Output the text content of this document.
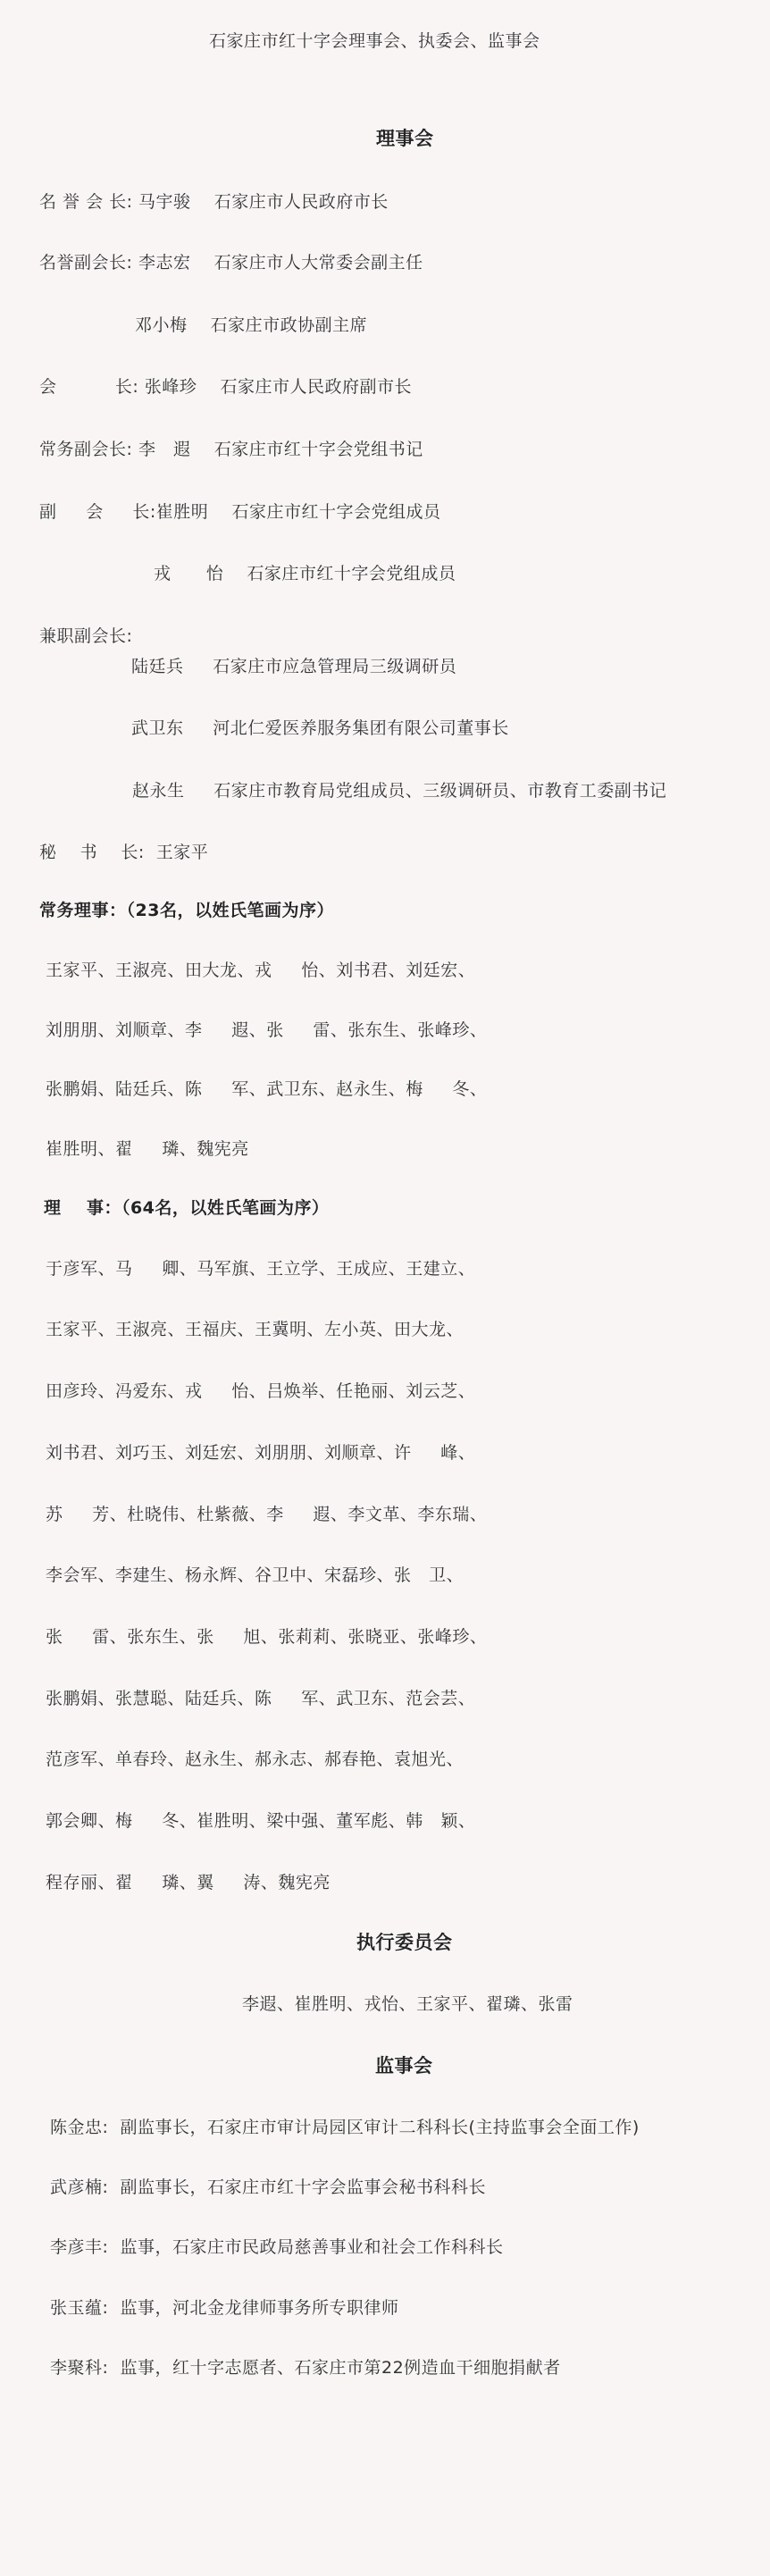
石家庄市红十字会理事会、执委会、监事会
理事会
名 誉 会 长: 马宇骏    石家庄市人民政府市长
名誉副会长: 李志宏    石家庄市人大常委会副主任
邓小梅    石家庄市政协副主席
会          长: 张峰珍    石家庄市人民政府副市长
常务副会长: 李   遐    石家庄市红十字会党组书记
副     会     长:崔胜明    石家庄市红十字会党组成员
戎      怡    石家庄市红十字会党组成员
兼职副会长:
陆廷兵     石家庄市应急管理局三级调研员
武卫东     河北仁爱医养服务集团有限公司董事长
赵永生     石家庄市教育局党组成员、三级调研员、市教育工委副书记
秘    书    长:  王家平
常务理事：（23名，以姓氏笔画为序）
王家平、王淑亮、田大龙、戎     怡、刘书君、刘廷宏、
刘朋朋、刘顺章、李     遐、张     雷、张东生、张峰珍、
张鹏娟、陆廷兵、陈     军、武卫东、赵永生、梅     冬、
崔胜明、翟     璘、魏宪亮
理    事：（64名，以姓氏笔画为序）
于彦军、马     卿、马军旗、王立学、王成应、王建立、
王家平、王淑亮、王福庆、王冀明、左小英、田大龙、
田彦玲、冯爱东、戎     怡、吕焕举、任艳丽、刘云芝、
刘书君、刘巧玉、刘廷宏、刘朋朋、刘顺章、许     峰、
苏     芳、杜晓伟、杜紫薇、李     遐、李文革、李东瑞、
李会军、李建生、杨永辉、谷卫中、宋磊珍、张   卫、
张     雷、张东生、张     旭、张莉莉、张晓亚、张峰珍、
张鹏娟、张慧聪、陆廷兵、陈     军、武卫东、范会芸、
范彦军、单春玲、赵永生、郝永志、郝春艳、袁旭光、
郭会卿、梅     冬、崔胜明、梁中强、董军彪、韩   颖、
程存丽、翟     璘、翼     涛、魏宪亮
执行委员会
李遐、崔胜明、戎怡、王家平、翟璘、张雷
监事会
陈金忠:  副监事长，石家庄市审计局园区审计二科科长(主持监事会全面工作)
武彦楠:  副监事长，石家庄市红十字会监事会秘书科科长
李彦丰:  监事，石家庄市民政局慈善事业和社会工作科科长
张玉蕴:  监事，河北金龙律师事务所专职律师
李聚科:  监事，红十字志愿者、石家庄市第22例造血干细胞捐献者
